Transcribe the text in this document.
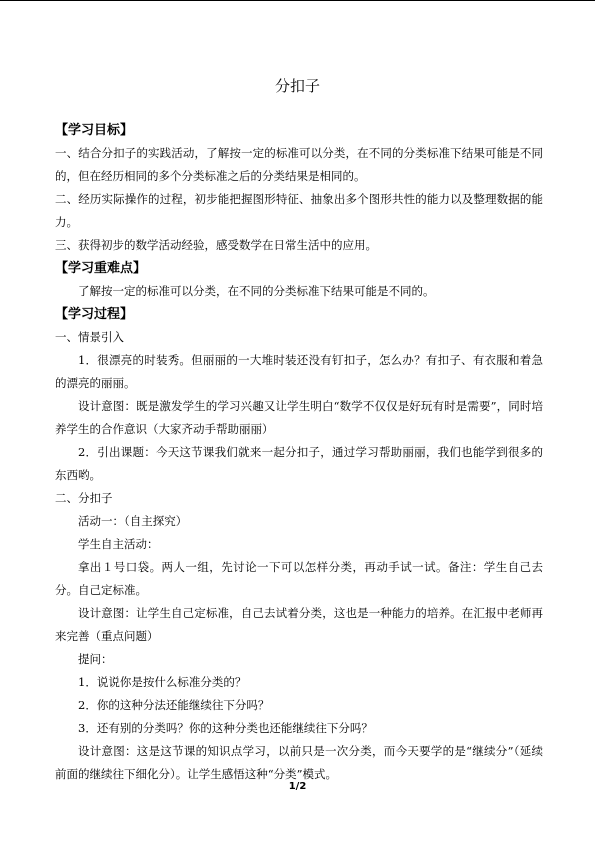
分扣子

【学习目标】

一、结合分扣子的实践活动，了解按一定的标准可以分类，在不同的分类标准下结果可能是不同的，但在经历相同的多个分类标准之后的分类结果是相同的。

二、经历实际操作的过程，初步能把握图形特征、抽象出多个图形共性的能力以及整理数据的能力。

三、获得初步的数学活动经验，感受数学在日常生活中的应用。

【学习重难点】

了解按一定的标准可以分类，在不同的分类标准下结果可能是不同的。

【学习过程】

一、情景引入

1．很漂亮的时装秀。但丽丽的一大堆时装还没有钉扣子，怎么办？有扣子、有衣服和着急的漂亮的丽丽。

设计意图：既是激发学生的学习兴趣又让学生明白“数学不仅仅是好玩有时是需要”，同时培养学生的合作意识（大家齐动手帮助丽丽）

2．引出课题：今天这节课我们就来一起分扣子，通过学习帮助丽丽，我们也能学到很多的东西哟。

二、分扣子

活动一：（自主探究）

学生自主活动：

拿出１号口袋。两人一组，先讨论一下可以怎样分类，再动手试一试。备注：学生自己去分。自己定标准。

设计意图：让学生自己定标准，自己去试着分类，这也是一种能力的培养。在汇报中老师再来完善（重点问题）

提问：

1．说说你是按什么标准分类的？

2．你的这种分法还能继续往下分吗？

3．还有别的分类吗？你的这种分类也还能继续往下分吗？

设计意图：这是这节课的知识点学习，以前只是一次分类，而今天要学的是“继续分”（延续前面的继续往下细化分）。让学生感悟这种“分类”模式。

1/2
